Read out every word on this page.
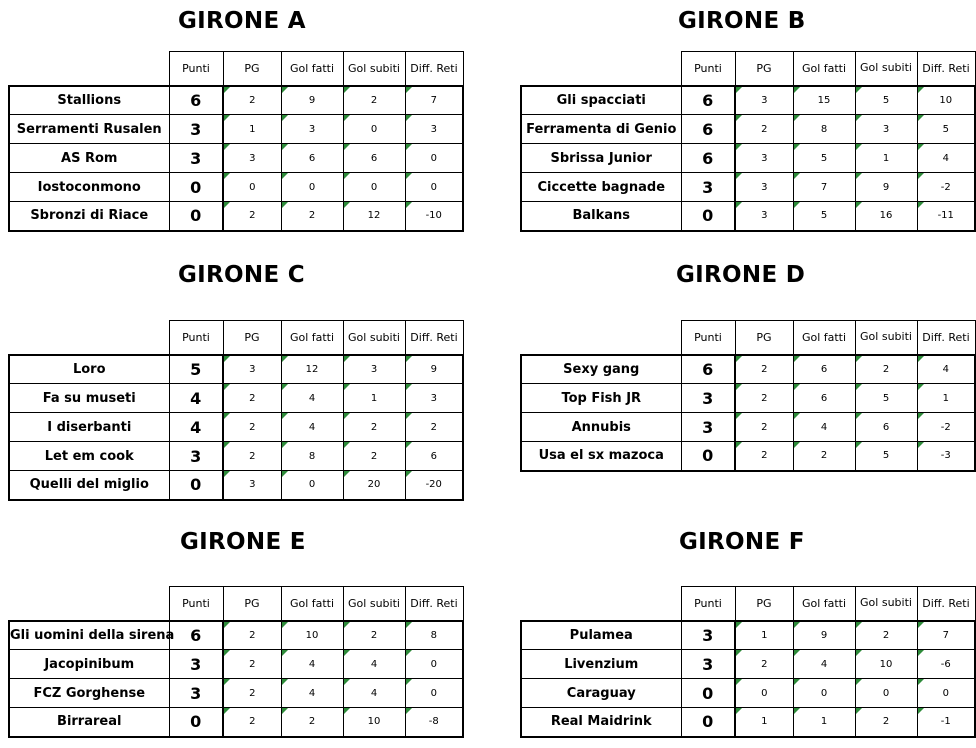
GIRONE A
	Punti	PG	Gol fatti	Gol subiti	Diff. Reti
Stallions	6	2	9	2	7
Serramenti Rusalen	3	1	3	0	3
AS Rom	3	3	6	6	0
Iostoconmono	0	0	0	0	0
Sbronzi di Riace	0	2	2	12	-10
GIRONE B
	Punti	PG	Gol fatti	Gol subiti	Diff. Reti
Gli spacciati	6	3	15	5	10
Ferramenta di Genio	6	2	8	3	5
Sbrissa Junior	6	3	5	1	4
Ciccette bagnade	3	3	7	9	-2
Balkans	0	3	5	16	-11
GIRONE C
	Punti	PG	Gol fatti	Gol subiti	Diff. Reti
Loro	5	3	12	3	9
Fa su museti	4	2	4	1	3
I diserbanti	4	2	4	2	2
Let em cook	3	2	8	2	6
Quelli del miglio	0	3	0	20	-20
GIRONE D
	Punti	PG	Gol fatti	Gol subiti	Diff. Reti
Sexy gang	6	2	6	2	4
Top Fish JR	3	2	6	5	1
Annubis	3	2	4	6	-2
Usa el sx mazoca	0	2	2	5	-3
GIRONE E
	Punti	PG	Gol fatti	Gol subiti	Diff. Reti
Gli uomini della sirena	6	2	10	2	8
Jacopinibum	3	2	4	4	0
FCZ Gorghense	3	2	4	4	0
Birrareal	0	2	2	10	-8
GIRONE F
	Punti	PG	Gol fatti	Gol subiti	Diff. Reti
Pulamea	3	1	9	2	7
Livenzium	3	2	4	10	-6
Caraguay	0	0	0	0	0
Real Maidrink	0	1	1	2	-1
